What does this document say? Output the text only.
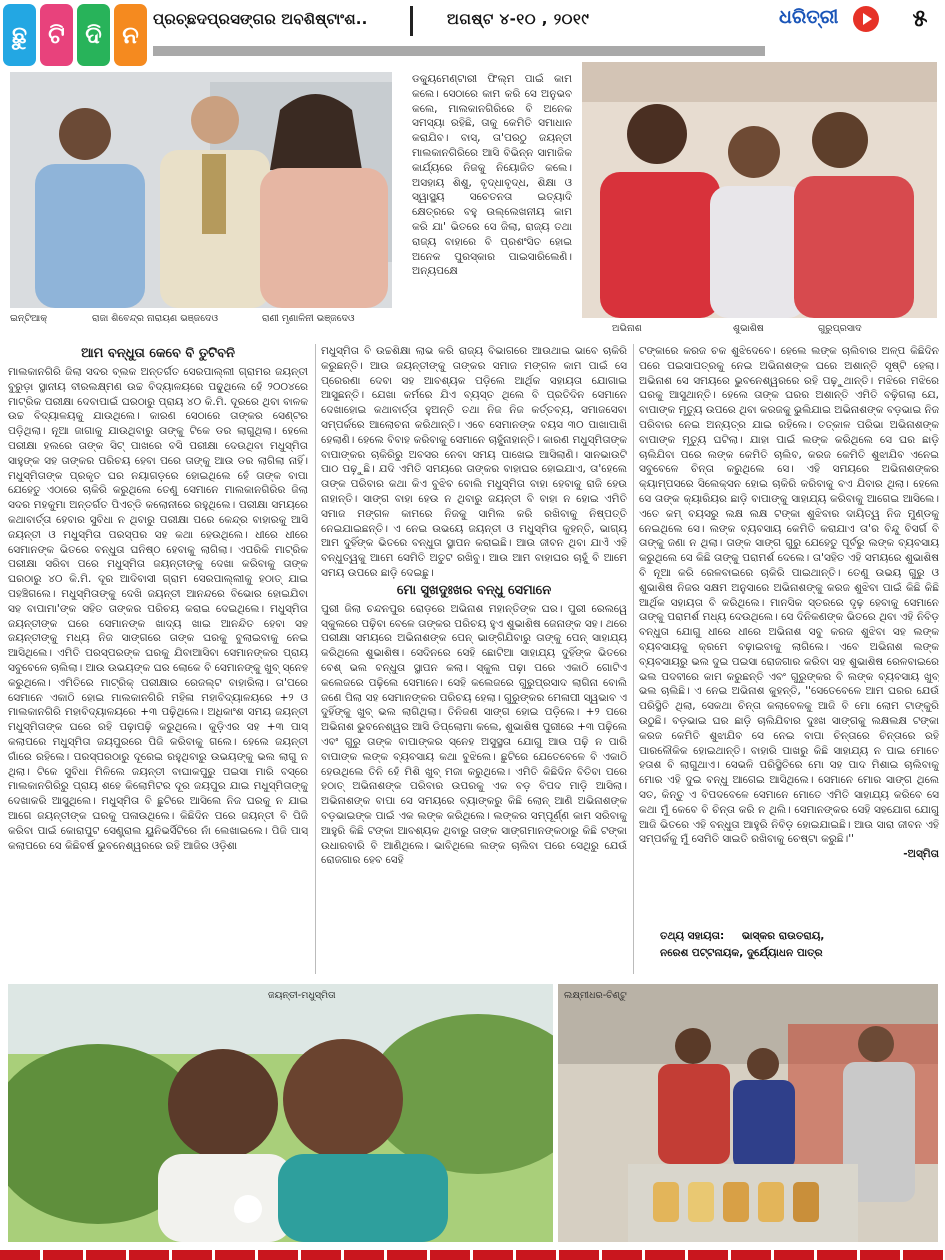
ଛୁ ଟି ଦି ନ
ପ୍ରଚ୍ଛଦପ୍ରସଙ୍ଗର ଅବଶିଷ୍ଟାଂଶ..	ଅଗଷ୍ଟ ୪-୧୦ , ୨୦୧୯	ଧରିତ୍ରୀ	୫
ଇନ୍‌ଟିଆକ୍‌	ରାଜା ଶିବେନ୍ଦ୍ର ନାରାୟଣ ଭଞ୍ଜଦେଓ	ରାଣୀ ମୃଣାଳିନୀ ଭଞ୍ଜଦେଓ

ଡକ୍ୟୁମେଣ୍ଟାରୀ ଫିଲ୍ମ ପାଇଁ କାମ କଲେ। ସେଠାରେ କାମ କରି ସେ ଅନୁଭବ କଲେ, ମାଲକାନଗିରିରେ ବି ଅନେକ ସମସ୍ୟା ରହିଛି, ତାକୁ କେମିତି ସମାଧାନ କରାଯିବ। ବାସ୍‌, ତା'ପରଠୁ ଜୟନ୍ତୀ ମାଲକାନଗିରିରେ ଆସି ବିଭିନ୍ନ ସାମାଜିକ କାର୍ଯ୍ୟରେ ନିଜକୁ ନିୟୋଜିତ କଲେ। ଅସହାୟ ଶିଶୁ, ବୃଦ୍ଧାବୃଦ୍ଧ, ଶିକ୍ଷା ଓ ସ୍ୱାସ୍ଥ୍ୟ ସଚେତନତା ଇତ୍ୟାଦି କ୍ଷେତ୍ରରେ ବହୁ ଉଲ୍ଲେଖନୀୟ କାମ କରି ଯା' ଭିତରେ ସେ ଜିଲା, ରାଜ୍ୟ ତଥା ରାଜ୍ୟ ବାହାରେ ବି ପ୍ରଶଂସିତ ହୋଇ ଅନେକ ପୁରସ୍କାର ପାଇସାରିଲେଣି। ଅନ୍ୟପକ୍ଷେ

ଅଭିନାଶ	ଶୁଭାଶିଷ	ଗୁରୁପ୍ରସାଦ
ଆମ ବନ୍ଧୁତା କେବେ ବି ତୁଟିବନି

ମାଲକାନଗିରି ଜିଲା ସଦର ବ୍ଲକ ଅନ୍ତର୍ଗତ ସେରପାଲ୍ଲୀ ଗ୍ରାମର ଜୟନ୍ତୀ ବୁରୁଡ଼ା ସ୍ଥାନୀୟ ବୀରଲକ୍ଷ୍ମଣ ଉଚ୍ଚ ବିଦ୍ୟାଳୟରେ ପଢୁଥିଲେ ହେଁ ୨୦୦୪ରେ ମାଟ୍ରିକ ପରୀକ୍ଷା ଦେବାପାଇଁ ଘରଠାରୁ ପ୍ରାୟ ୪୦ କି.ମି. ଦୂରରେ ଥିବା ବାଳକ ଉଚ୍ଚ ବିଦ୍ୟାଳୟକୁ ଯାଉଥିଲେ। କାରଣ ସେଠାରେ ତାଙ୍କର ସେଣ୍ଟର ପଡ଼ିଥିଲା। ନୂଆ ଜାଗାକୁ ଯାଉଥିବାରୁ ତାଙ୍କୁ ଟିକେ ଡର ଲାଗୁଥିଲା। ହେଲେ ପରୀକ୍ଷା ହଲରେ ତାଙ୍କ ସିଟ୍ ପାଖରେ ବସି ପରୀକ୍ଷା ଦେଉଥିବା ମଧୁସ୍ମିତା ସାହୁଙ୍କ ସହ ତାଙ୍କର ପରିଚୟ ହେବା ପରେ ତାଙ୍କୁ ଆଉ ଡର ଲାଗିଲା ନାହିଁ। ମଧୁସ୍ମିତାଙ୍କ ପ୍ରକୃତ ଘର ନୟାଗଡ଼ରେ ହୋଇଥିଲେ ହେଁ ତାଙ୍କ ବାପା ଯେହେତୁ ଏଠାରେ ଚାକିରି କରୁଥିଲେ ତେଣୁ ସେମାନେ ମାଲକାନଗିରିର ଜିଲା ସଦର ମହକୁମା ଅନ୍ତର୍ଗତ ପିଏଚ୍‌ଡି କଲୋନୀରେ ରହୁଥିଲେ। ପରୀକ୍ଷା ସମୟରେ କଥାବାର୍ତ୍ତା ହେବାର ସୁବିଧା ନ ଥିବାରୁ ପରୀକ୍ଷା ପରେ କେନ୍ଦ୍ର ବାହାରକୁ ଆସି ଜୟନ୍ତୀ ଓ ମଧୁସ୍ମିତା ପରସ୍ପର ସହ କଥା ହେଉଥିଲେ। ଧୀରେ ଧୀରେ ସେମାନଙ୍କ ଭିତରେ ବନ୍ଧୁତା ଘନିଷ୍ଠ ହେବାକୁ ଲାଗିଲା। ଏପରିକି ମାଟ୍ରିକ ପରୀକ୍ଷା ସରିବା ପରେ ମଧୁସ୍ମିତା ଜୟନ୍ତୀଙ୍କୁ ଦେଖା କରିବାକୁ ତାଙ୍କ ଘରଠାରୁ ୪୦ କି.ମି. ଦୂର ଆଦିବାସୀ ଗ୍ରାମ ସେରପାଲ୍ଲୀକୁ ହଠାତ୍ ଯାଇ ପହଞ୍ଚିଗଲେ। ମଧୁସ୍ମିତାଙ୍କୁ ଦେଖି ଜୟନ୍ତୀ ଆନନ୍ଦରେ ବିଭୋର ହୋଇଯିବା ସହ ବାପାମା'ଙ୍କ ସହିତ ତାଙ୍କର ପରିଚୟ କରାଇ ଦେଇଥିଲେ। ମଧୁସ୍ମିତା ଜୟନ୍ତୀଙ୍କ ଘରେ ସେମାନଙ୍କ ଖାଦ୍ୟ ଖାଇ ଆନନ୍ଦିତ ହେବା ସହ ଜୟନ୍ତୀଙ୍କୁ ମଧ୍ୟ ନିଜ ସାଙ୍ଗରେ ତାଙ୍କ ଘରକୁ ବୁଲାଇବାକୁ ନେଇ ଆସିଥିଲେ। ଏମିତି ପରସ୍ପରଙ୍କ ଘରକୁ ଯିବାଆସିବା ସେମାନଙ୍କର ପ୍ରାୟ ସବୁବେଳେ ଚାଲିଲା। ଆଉ ଉଭୟଙ୍କ ଘର ଲୋକେ ବି ସେମାନଙ୍କୁ ଖୁବ୍ ସ୍ନେହ କରୁଥିଲେ। ଏମିତିରେ ମାଟ୍ରିକ୍ ପରୀକ୍ଷାର ରେଜଲ୍ଟ ବାହାରିଲା। ତା'ପରେ ସେମାନେ ଏକାଠି ହୋଇ ମାଲକାନଗିରି ମହିଳା ମହାବିଦ୍ୟାଳୟରେ +୨ ଓ ମାଲକାନଗିରି ମହାବିଦ୍ୟାଳୟରେ +୩ ପଢ଼ିଥିଲେ। ଅଧିକାଂଶ ସମୟ ଜୟନ୍ତୀ ମଧୁସ୍ମିତାଙ୍କ ଘରେ ରହି ପଢ଼ାପଢ଼ି କରୁଥିଲେ। କୁଡ଼ିଏର ସହ +୩ ପାସ୍ କଲାପରେ ମଧୁସ୍ମିତା ଜୟପୁରରେ ପିଜି କରିବାକୁ ଗଲେ। ହେଲେ ଜୟନ୍ତୀ ଗାଁରେ ରହିଲେ। ପରସ୍ପରଠାରୁ ଦୂରେଇ ରହୁଥିବାରୁ ଉଭୟଙ୍କୁ ଭଲ ଲାଗୁ ନ ଥିଲା। ଟିକେ ସୁବିଧା ମିଳିଲେ ଜୟନ୍ତୀ ବାଘାକପୁରୁ ପଇସା ମାରି ବସ୍‌ରେ ମାଲକାନଗିରିରୁ ପ୍ରାୟ ଶହେ କିଲୋମିଟର ଦୂର ଜୟପୁର ଯାଇ ମଧୁସ୍ମିତାଙ୍କୁ ଦେଖାକରି ଆସୁଥିଲେ। ମଧୁସ୍ମିତା ବି ଛୁଟିରେ ଆସିଲେ ନିଜ ଘରକୁ ନ ଯାଇ ଆଗେ ଜୟନ୍ତୀଙ୍କ ଘରକୁ ପଳାଉଥିଲେ। କିଛିଦିନ ପରେ ଜୟନ୍ତୀ ବି ପିଜି କରିବା ପାଇଁ କୋରାପୁଟ ସେଣ୍ଟ୍ରାଲ ୟୁନିଭର୍ସିଟିରେ ନାଁ ଲେଖାଇଲେ। ପିଜି ପାସ୍ କଲାପରେ ସେ କିଛିବର୍ଷ ଭୁବନେଶ୍ୱରରେ ରହି ଆଜିର ଓଡ଼ିଶା

ମଧୁସ୍ମିତା ବି ଉଚ୍ଚଶିକ୍ଷା ଲାଭ କରି ରାଜ୍ୟ ବିଭାଗରେ ଆଉଥାଇ ଭାବେ ଚାକିରି କରୁଛନ୍ତି। ଆଉ ଜୟନ୍ତୀଙ୍କୁ ତାଙ୍କର ସମାଜ ମଙ୍ଗଳ କାମ ପାଇଁ ସେ ପ୍ରେରଣା ଦେବା ସହ ଆବଶ୍ୟକ ପଡ଼ିଲେ ଆର୍ଥିକ ସହାୟତା ଯୋଗାଇ ଆସୁଛନ୍ତି। ଯେଖା କର୍ମରେ ଯିଏ ବ୍ୟସ୍ତ ଥିଲେ ବି ପ୍ରତିଦିନ ସେମାନେ ଦେଖାହୋଇ କଥାବାର୍ତ୍ତା ହୁଅନ୍ତି ତଥା ନିଜ ନିଜ କର୍ତ୍ତବ୍ୟ, ସମାଜସେବା ସମ୍ପର୍କରେ ଆଲୋଚନା କରିଥାନ୍ତି। ଏବେ ସେମାନଙ୍କ ବୟସ ୩୦ ପାଖାପାଖି ହେଲାଣି। ହେଲେ ବିବାହ କରିବାକୁ ସେମାନେ ଚାହୁଁନାହାନ୍ତି। କାରଣ ମଧୁସ୍ମିତାଙ୍କ ବାପାଙ୍କର ଚାକିରିରୁ ଅବସର ନେବା ସମୟ ପାଖେଇ ଆସିଲାଣି। ସାନଭାଉଟି ପାଠ ପଢ଼ୁଛି। ଯଦି ଏମିତି ସମୟରେ ତାଙ୍କର ବାହାଘର ହୋଇଯାଏ, ତା'ହେଲେ ତାଙ୍କ ପରିବାର କଥା କିଏ ବୁଝିବ ବୋଲି ମଧୁସ୍ମିତା ବାହା ହେବାକୁ ରାଜି ହେଉ ନାହାନ୍ତି। ସାଙ୍ଗ ବାହା ହେଉ ନ ଥିବାରୁ ଜୟନ୍ତୀ ବି ବାହା ନ ହୋଇ ଏମିତି ସମାଜ ମଙ୍ଗଳ କାମରେ ନିଜକୁ ସାମିଲ କରି ରଖିବାକୁ ନିଷ୍ପତ୍ତି ନେଇଯାଇଛନ୍ତି। ଏ ନେଇ ଉଭୟେ ଜୟନ୍ତୀ ଓ ମଧୁସ୍ମିତା କୁହନ୍ତି, ଭାଗ୍ୟ ଆମ ଦୁହିଁଙ୍କ ଭିତରେ ବନ୍ଧୁତା ସ୍ଥାପନ କରାଇଛି। ଆଉ ଜୀବନ ଥିବା ଯାଏଁ ଏହି ବନ୍ଧୁତ୍ୱକୁ ଆମେ ସେମିତି ଅତୁଟ ରଖିବୁ। ଆଉ ଆମ ବାହାଘର ଚାହୁଁ ବି ଆମେ ସମୟ ଉପରେ ଛାଡ଼ି ଦେଇଛୁ।

ମୋ ସୁଖଦୁଃଖର ବନ୍ଧୁ ସେମାନେ

ପୁରୀ ଜିଲା ଚନ୍ଦନପୁର ରୋଡ଼ରେ ଅଭିନାଶ ମହାନ୍ତିଙ୍କ ଘର। ପୁରୀ ରେଲୱେ ସ୍କୁଲରେ ପଢ଼ିବା ବେଳେ ତାଙ୍କର ପରିଚୟ ହୁଏ ଶୁଭାଶିଷ ଜେନାଙ୍କ ସହ। ଥରେ ପରୀକ୍ଷା ସମୟରେ ଅଭିନାଶଙ୍କ ପେନ୍ ଭାଙ୍ଗିଯିବାରୁ ତାଙ୍କୁ ପେନ୍ ସାହାଯ୍ୟ କରିଥିଲେ ଶୁଭାଶିଷ। ସେଦିନରେ ସେହି ଛୋଟିଆ ସାହାଯ୍ୟ ଦୁହିଁଙ୍କ ଭିତରେ ବେଶ୍ ଭଲ ବନ୍ଧୁତା ସ୍ଥାପନ କଲା। ସ୍କୁଲ ପଢ଼ା ପରେ ଏକାଠି ଗୋଟିଏ କଲେଜରେ ପଢ଼ିଲେ ସେମାନେ। ସେହି କଲେଜରେ ଗୁରୁପ୍ରସାଦ ଲାଗିନା ବୋଲି ଜଣେ ପିଲା ସହ ସେମାନଙ୍କର ପରିଚୟ ହେଲା। ଗୁରୁଙ୍କର ମେଳାପୀ ସ୍ୱଭାବ ଏ ଦୁହିଁଙ୍କୁ ଖୁବ୍ ଭଲ ଲାଗିଥିଲା। ତିନିଜଣ ସାଙ୍ଗ ହୋଇ ପଡ଼ିଲେ। +୨ ପରେ ଅଭିନାଶ ଭୁବନେଶ୍ୱର ଆସି ଡିପ୍ଲୋମା କଲେ, ଶୁଭାଶିଷ ପୁରୀରେ +୩ ପଢ଼ିଲେ ଏବଂ ଗୁରୁ ତାଙ୍କ ବାପାଙ୍କର ସ୍ନେହ ଅସୁସ୍ଥତା ଯୋଗୁ ଆଉ ପଢ଼ି ନ ପାରି ବାପାଙ୍କ ଲଙ୍କ ବ୍ୟବସାୟ କଥା ବୁଝିଲେ। ଛୁଟିରେ ଯେତେବେଳେ ବି ଏକାଠି ହେଉଥିଲେ ତିନି ହେଁ ମିଶି ଖୁବ୍ ମଜା କରୁଥିଲେ। ଏମିତି କିଛିଦିନ ବିତିବା ପରେ ହଠାତ୍ ଅଭିନାଶଙ୍କ ପରିବାର ଉପରକୁ ଏକ ବଡ଼ ବିପଦ ମାଡ଼ି ଆସିଲା। ଅଭିନାଶଙ୍କ ବାପା ସେ ସମୟରେ ବ୍ୟାଙ୍କରୁ କିଛି ଲୋନ୍ ଆଣି ଅଭିନାଶଙ୍କ ବଡ଼ଭାଇଙ୍କ ପାଇଁ ଏକ ଲଙ୍କ କରିଥିଲେ। ଲଙ୍କର ସମ୍ପୂର୍ଣ୍ଣ କାମ ସରିବାକୁ ଆହୁରି କିଛି ଟଙ୍କା ଆବଶ୍ୟକ ଥିବାରୁ ତାଙ୍କ ସାଙ୍ଗମାନଙ୍କଠାରୁ କିଛି ଟଙ୍କା ଉଧାରବାରି ବି ଆଣିଥିଲେ। ଭାବିଥିଲେ ଲଙ୍କ ଚାଲିବା ପରେ ସେଥିରୁ ଯେଉଁ ରୋଜଗାର ହେବ ସେହି

ଟଙ୍କାରେ କରଜ ଚକ ଶୁଝିଦେବେ। ହେଲେ ଲଙ୍କ ଚାଲିବାର ଅଳ୍ପ କିଛିଦିନ ପରେ ପଇସାପତ୍ରକୁ ନେଇ ଅଭିନାଶଙ୍କ ଘରେ ଅଶାନ୍ତି ସୃଷ୍ଟି ହେଲା। ଅଭିନାଶ ସେ ସମୟରେ ଭୁବନେଶ୍ୱରରେ ରହି ପଢ଼ୁଥାନ୍ତି। ମଝିରେ ମଝିରେ ଘରକୁ ଆସୁଥାନ୍ତି। ହେଲେ ତାଙ୍କ ଘରର ଅଶାନ୍ତି ଏମିତି ବଢ଼ିଗଲା ଯେ, ବାପାଙ୍କ ମୃତ୍ୟୁ ଉପରେ ଥିବା କରଜକୁ ଭୁଲିଯାଇ ଅଭିନାଶଙ୍କ ବଡ଼ଭାଇ ନିଜ ପରିବାର ନେଇ ଅନ୍ୟତ୍ର ଯାଇ ରହିଲେ। ତତ୍କାଳ ପରିଭା ଅଭିନାଶଙ୍କ ବାପାଙ୍କ ମୃତ୍ୟୁ ଘଟିଲା। ଯାହା ପାଇଁ ଲଙ୍କ କରିଥିଲେ ସେ ଘର ଛାଡ଼ି ଚାଲିଯିବା ପରେ ଲଙ୍କ କେମିତି ଚାଲିବ, କରଜ କେମିତି ଶୁଝାଯିବ ଏନେଇ ସବୁବେଳେ ଚିନ୍ତା କରୁଥିଲେ ସେ। ଏହି ସମୟରେ ଅଭିନାଶଙ୍କର କ୍ୟାମ୍ପସରେ ସିଲେକ୍ସନ ହୋଇ ଚାକିରି କରିବାକୁ ବଏ ଯିବାର ଥିଲା। ହେଲେ ସେ ତାଙ୍କ କ୍ୟାରିୟର ଛାଡ଼ି ବାପାଙ୍କୁ ସାହାଯ୍ୟ କରିବାକୁ ଆଗେଇ ଆସିଲେ। ଏତେ କମ୍ ବୟସରୁ ଲକ୍ଷ ଲକ୍ଷ ଟଙ୍କା ଶୁଝିବାର ଦାୟିତ୍ୱ ନିଜ ମୁଣ୍ଡକୁ ନେଇଥିଲେ ସେ। ଲଙ୍କ ବ୍ୟବସାୟ କେମିତି କରାଯାଏ ତା'ର ବିନ୍ଦୁ ବିସର୍ଗ ବି ତାଙ୍କୁ ଜଣା ନ ଥିଲା। ତାଙ୍କ ସାଙ୍ଗ ଗୁରୁ ଯେହେତୁ ପୂର୍ବରୁ ଲଙ୍କ ବ୍ୟବସାୟ କରୁଥିଲେ ସେ କିଛି ତାଙ୍କୁ ପରାମର୍ଶ ଦେଲେ। ତା'ସହିତ ଏହି ସମୟରେ ଶୁଭାଶିଷ ବି ନୂଆ କରି ରେଳବାଇରେ ଚାକିରି ପାଇଥାନ୍ତି। ତେଣୁ ଉଭୟ ଗୁରୁ ଓ ଶୁଭାଶିଷ ନିଜର ସକ୍ଷମ ଅନୁସାରେ ଅଭିନାଶଙ୍କୁ କରଜ ଶୁଝିବା ପାଇଁ କିଛି କିଛି ଆର୍ଥିକ ସହାୟତା ବି କରିଥିଲେ। ମାନସିକ ସ୍ତରରେ ଦୃଢ଼ ହେବାକୁ ସେମାନେ ତାଙ୍କୁ ପରାମର୍ଶ ମଧ୍ୟ ଦେଉଥିଲେ। ସେ ଦିନିକଣଙ୍କ ଭିତରେ ଥିବା ଏହି ନିବିଡ଼ ବନ୍ଧୁତା ଯୋଗୁ ଧୀରେ ଧୀରେ ଅଭିନାଶ ସବୁ କରଜ ଶୁଝିବା ସହ ଲଙ୍କ ବ୍ୟବସାୟକୁ କ୍ରମେ ବଢ଼ାଇବାକୁ ଲାଗିଲେ। ଏବେ ଅଭିନାଶ ଲଙ୍କ ବ୍ୟବସାୟରୁ ଭଲ ଦୁଇ ପଇସା ରୋଜଗାର କରିବା ସହ ଶୁଭାଶିଷ ରେଳବାଇରେ ଭଲ ପଦବୀରେ କାମ କରୁଛନ୍ତି ଏବଂ ଗୁରୁଙ୍କର ବି ଲଙ୍କ ବ୍ୟବସାୟ ଖୁବ୍ ଭଲ ଚାଲିଛି। ଏ ନେଇ ଅଭିନାଶ କୁହନ୍ତି, ''ସେତେବେଳେ ଆମ ଘରର ଯେଉଁ ପରିସ୍ଥିତି ଥିଲା, ସେକଥା ଚିନ୍ତା କଲାବେଳକୁ ଆଜି ବି ମୋ ଲୋମ ଟାଙ୍କୁରି ଉଠୁଛି। ବଡ଼ଭାଇ ଘର ଛାଡ଼ି ଚାଲିଯିବାର ଦୁଃଖ ସାଙ୍ଗକୁ ଲକ୍ଷଲକ୍ଷ ଟଙ୍କା କରଜ କେମିତି ଶୁଝାଯିବ ସେ ନେଇ ବାପା ଚିନ୍ତାରେ ଚିନ୍ତାରେ ରହି ପାରଳୌକିକ ହୋଇଥାନ୍ତି। ବାହାରି ପାଖରୁ କିଛି ସାହାଯ୍ୟ ନ ପାଇ ମୋତେ ହତାଶ ବି ଲାଗୁଥାଏ। ସେଭଳି ପରିସ୍ଥିତିରେ ମୋ ସହ ପାଦ ମିଶାଇ ଚାଲିବାକୁ ମୋର ଏହି ଦୁଇ ବନ୍ଧୁ ଆଗେଇ ଆସିଥିଲେ। ସେମାନେ ମୋର ସାଙ୍ଗ ଥିଲେ ସତ, କିନ୍ତୁ ଏ ବିପଦବେଳେ ସେମାନେ ମୋତେ ଏମିତି ସାହାଯ୍ୟ କରିବେ ସେ କଥା ମୁଁ କେବେ ବି ଚିନ୍ତା କରି ନ ଥିଲି। ସେମାନଙ୍କର ସେହି ସହଯୋଗ ଯୋଗୁ ଆଜି ଭିତରେ ଏହି ବନ୍ଧୁତା ଆହୁରି ନିବିଡ଼ ହୋଇଯାଇଛି। ଆଉ ସାରା ଜୀବନ ଏହି ସମ୍ପର୍କକୁ ମୁଁ ସେମିତି ସାଇତି ରଖିବାକୁ ଚେଷ୍ଟା କରୁଛି।''

-ଅସ୍ମିତା

ତଥ୍ୟ ସହାୟତା: ଭାସ୍କର ରାଉତରାୟ,
ନରେଶ ପଟ୍ଟନାୟକ, ଦୁର୍ଯ୍ୟୋଧନ ପାତ୍ର
ଜୟନ୍ତୀ-ମଧୁସ୍ମିତା	ଲକ୍ଷ୍ମୀଧର-ଚିଣ୍ଟୁ
